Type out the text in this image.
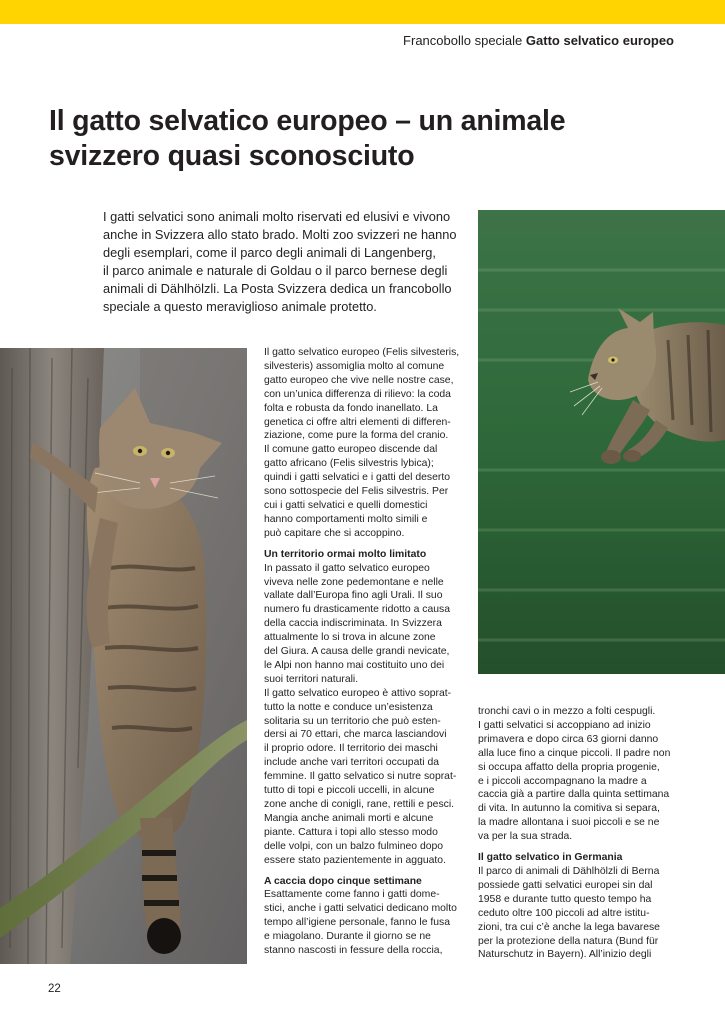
Francobollo speciale Gatto selvatico europeo
Il gatto selvatico europeo – un animale
svizzero quasi sconosciuto

I gatti selvatici sono animali molto riservati ed elusivi e vivono
anche in Svizzera allo stato brado. Molti zoo svizzeri ne hanno
degli esemplari, come il parco degli animali di Langenberg,
il parco animale e naturale di Goldau o il parco bernese degli
animali di Dählhölzli. La Posta Svizzera dedica un francobollo
speciale a questo meraviglioso animale protetto.

Il gatto selvatico europeo (Felis silvesteris,
silvesteris) assomiglia molto al comune
gatto europeo che vive nelle nostre case,
con un’unica differenza di rilievo: la coda
folta e robusta da fondo inanellato. La
genetica ci offre altri elementi di differen-
ziazione, come pure la forma del cranio.
Il comune gatto europeo discende dal
gatto africano (Felis silvestris lybica);
quindi i gatti selvatici e i gatti del deserto
sono sottospecie del Felis silvestris. Per
cui i gatti selvatici e quelli domestici
hanno comportamenti molto simili e
può capitare che si accoppino.

Un territorio ormai molto limitato

In passato il gatto selvatico europeo
viveva nelle zone pedemontane e nelle
vallate dall’Europa fino agli Urali. Il suo
numero fu drasticamente ridotto a causa
della caccia indiscriminata. In Svizzera
attualmente lo si trova in alcune zone
del Giura. A causa delle grandi nevicate,
le Alpi non hanno mai costituito uno dei
suoi territori naturali.
Il gatto selvatico europeo è attivo soprat-
tutto la notte e conduce un’esistenza
solitaria su un territorio che può esten-
dersi ai 70 ettari, che marca lasciandovi
il proprio odore. Il territorio dei maschi
include anche vari territori occupati da
femmine. Il gatto selvatico si nutre soprat-
tutto di topi e piccoli uccelli, in alcune
zone anche di conigli, rane, rettili e pesci.
Mangia anche animali morti e alcune
piante. Cattura i topi allo stesso modo
delle volpi, con un balzo fulmineo dopo
essere stato pazientemente in agguato.

A caccia dopo cinque settimane

Esattamente come fanno i gatti dome-
stici, anche i gatti selvatici dedicano molto
tempo all’igiene personale, fanno le fusa
e miagolano. Durante il giorno se ne
stanno nascosti in fessure della roccia,

tronchi cavi o in mezzo a folti cespugli.
I gatti selvatici si accoppiano ad inizio
primavera e dopo circa 63 giorni danno
alla luce fino a cinque piccoli. Il padre non
si occupa affatto della propria progenie,
e i piccoli accompagnano la madre a
caccia già a partire dalla quinta settimana
di vita. In autunno la comitiva si separa,
la madre allontana i suoi piccoli e se ne
va per la sua strada.

Il gatto selvatico in Germania

Il parco di animali di Dählhölzli di Berna
possiede gatti selvatici europei sin dal
1958 e durante tutto questo tempo ha
ceduto oltre 100 piccoli ad altre istitu-
zioni, tra cui c’è anche la lega bavarese
per la protezione della natura (Bund für
Naturschutz in Bayern). All’inizio degli

22
